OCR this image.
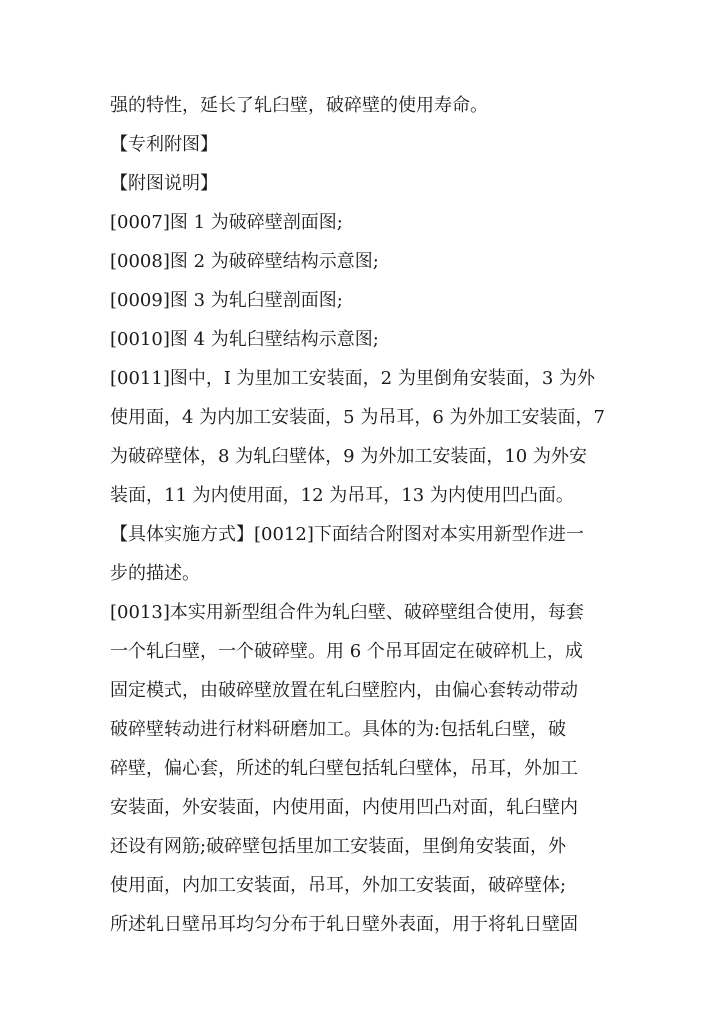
强的特性，延长了轧臼壁，破碎壁的使用寿命。
【专利附图】
【附图说明】
[0007]图 1 为破碎壁剖面图;
[0008]图 2 为破碎壁结构示意图;
[0009]图 3 为轧臼壁剖面图;
[0010]图 4 为轧臼壁结构示意图;
[0011]图中，I 为里加工安装面，2 为里倒角安装面，3 为外
使用面，4 为内加工安装面，5 为吊耳，6 为外加工安装面，7
为破碎壁体，8 为轧臼壁体，9 为外加工安装面，10 为外安
装面，11 为内使用面，12 为吊耳，13 为内使用凹凸面。
【具体实施方式】[0012]下面结合附图对本实用新型作进一
步的描述。
[0013]本实用新型组合件为轧臼壁、破碎壁组合使用，每套
一个轧臼壁，一个破碎壁。用 6 个吊耳固定在破碎机上，成
固定模式，由破碎壁放置在轧臼壁腔内，由偏心套转动带动
破碎壁转动进行材料研磨加工。具体的为:包括轧臼壁，破
碎壁，偏心套，所述的轧臼壁包括轧臼壁体，吊耳，外加工
安装面，外安装面，内使用面，内使用凹凸对面，轧臼壁内
还设有网筋;破碎壁包括里加工安装面，里倒角安装面，外
使用面，内加工安装面，吊耳，外加工安装面，破碎壁体;
所述轧日壁吊耳均匀分布于轧日壁外表面，用于将轧日壁固
